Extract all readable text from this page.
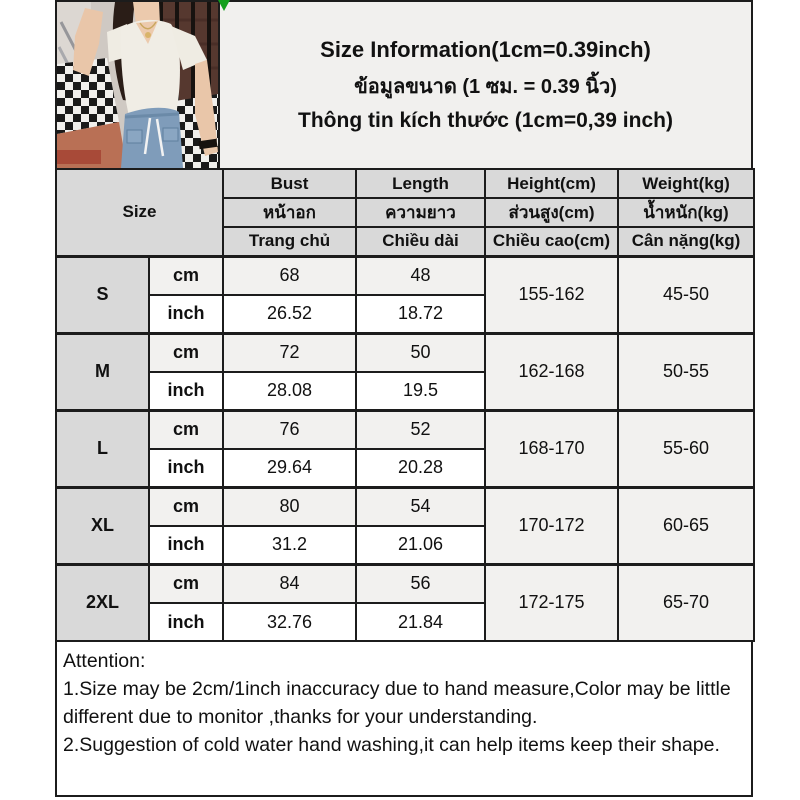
Size Information(1cm=0.39inch)
ข้อมูลขนาด (1 ซม. = 0.39 นิ้ว)
Thông tin kích thước (1cm=0,39 inch)
Size		Bust	Length	Height(cm)	Weight(kg)
		หน้าอก	ความยาว	ส่วนสูง(cm)	น้ำหนัก(kg)
		Trang chủ	Chiều dài	Chiều cao(cm)	Cân nặng(kg)
S	cm	68	48	155-162	45-50
	inch	26.52	18.72		
M	cm	72	50	162-168	50-55
	inch	28.08	19.5		
L	cm	76	52	168-170	55-60
	inch	29.64	20.28		
XL	cm	80	54	170-172	60-65
	inch	31.2	21.06		
2XL	cm	84	56	172-175	65-70
	inch	32.76	21.84		
Attention:
1.Size may be 2cm/1inch inaccuracy due to hand measure,Color may be little different due to monitor ,thanks for your understanding.
2.Suggestion of cold water hand washing,it can help items keep their shape.
